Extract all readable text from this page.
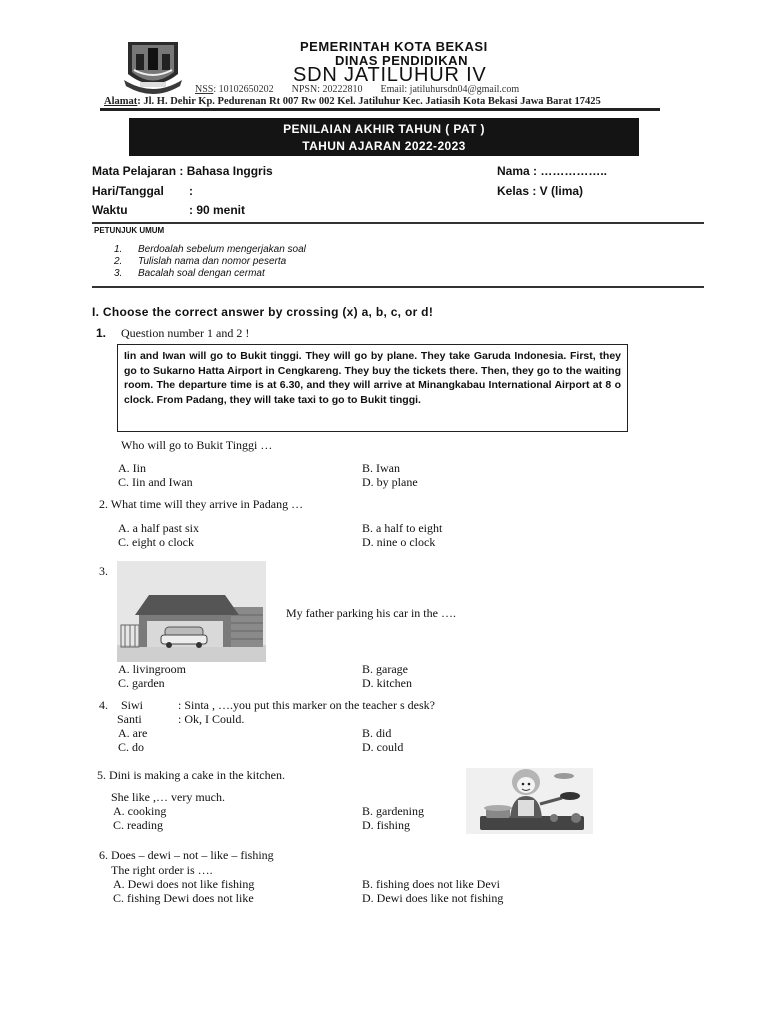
PEMERINTAH KOTA BEKASI
DINAS PENDIDIKAN
SDN JATILUHUR IV
NSS: 10102650202 NPSN: 20222810 Email: jatiluhursdn04@gmail.com
Alamat: Jl. H. Dehir Kp. Pedurenan Rt 007 Rw 002 Kel. Jatiluhur Kec. Jatiasih Kota Bekasi Jawa Barat 17425
PENILAIAN AKHIR TAHUN ( PAT )
TAHUN AJARAN 2022-2023
Mata Pelajaran : Bahasa Inggris
Hari/Tanggal :
Waktu	: 90 menit
Nama : ……………..
Kelas : V (lima)
PETUNJUK UMUM
1. Berdoalah sebelum mengerjakan soal
2. Tulislah nama dan nomor peserta
3. Bacalah soal dengan cermat
I. Choose the correct answer by crossing (x) a, b, c, or d!
1. Question number 1 and 2 !
Iin and Iwan will go to Bukit tinggi. They will go by plane. They take Garuda Indonesia. First, they go to Sukarno Hatta Airport in Cengkareng. They buy the tickets there. Then, they go to the waiting room. The departure time is at 6.30, and they will arrive at Minangkabau International Airport at 8 o clock. From Padang, they will take taxi to go to Bukit tinggi.
Who will go to Bukit Tinggi …
A. Iin	B. Iwan
C. Iin and Iwan	D. by plane
2. What time will they arrive in Padang …
A. a half past six	B. a half to eight
C. eight o clock	D. nine o clock
3.
My father parking his car in the ….
A. livingroom	B. garage
C. garden	D. kitchen
4. Siwi	: Sinta , ….you put this marker on the teacher s desk?
Santi	: Ok, I Could.
A. are	B. did
C. do	D. could
5. Dini is making a cake in the kitchen.
She like ,… very much.
A. cooking	B. gardening
C. reading	D. fishing
6. Does – dewi – not – like – fishing
The right order is ….
A. Dewi does not like fishing	B. fishing does not like Devi
C. fishing Dewi does not like	D. Dewi does like not fishing
